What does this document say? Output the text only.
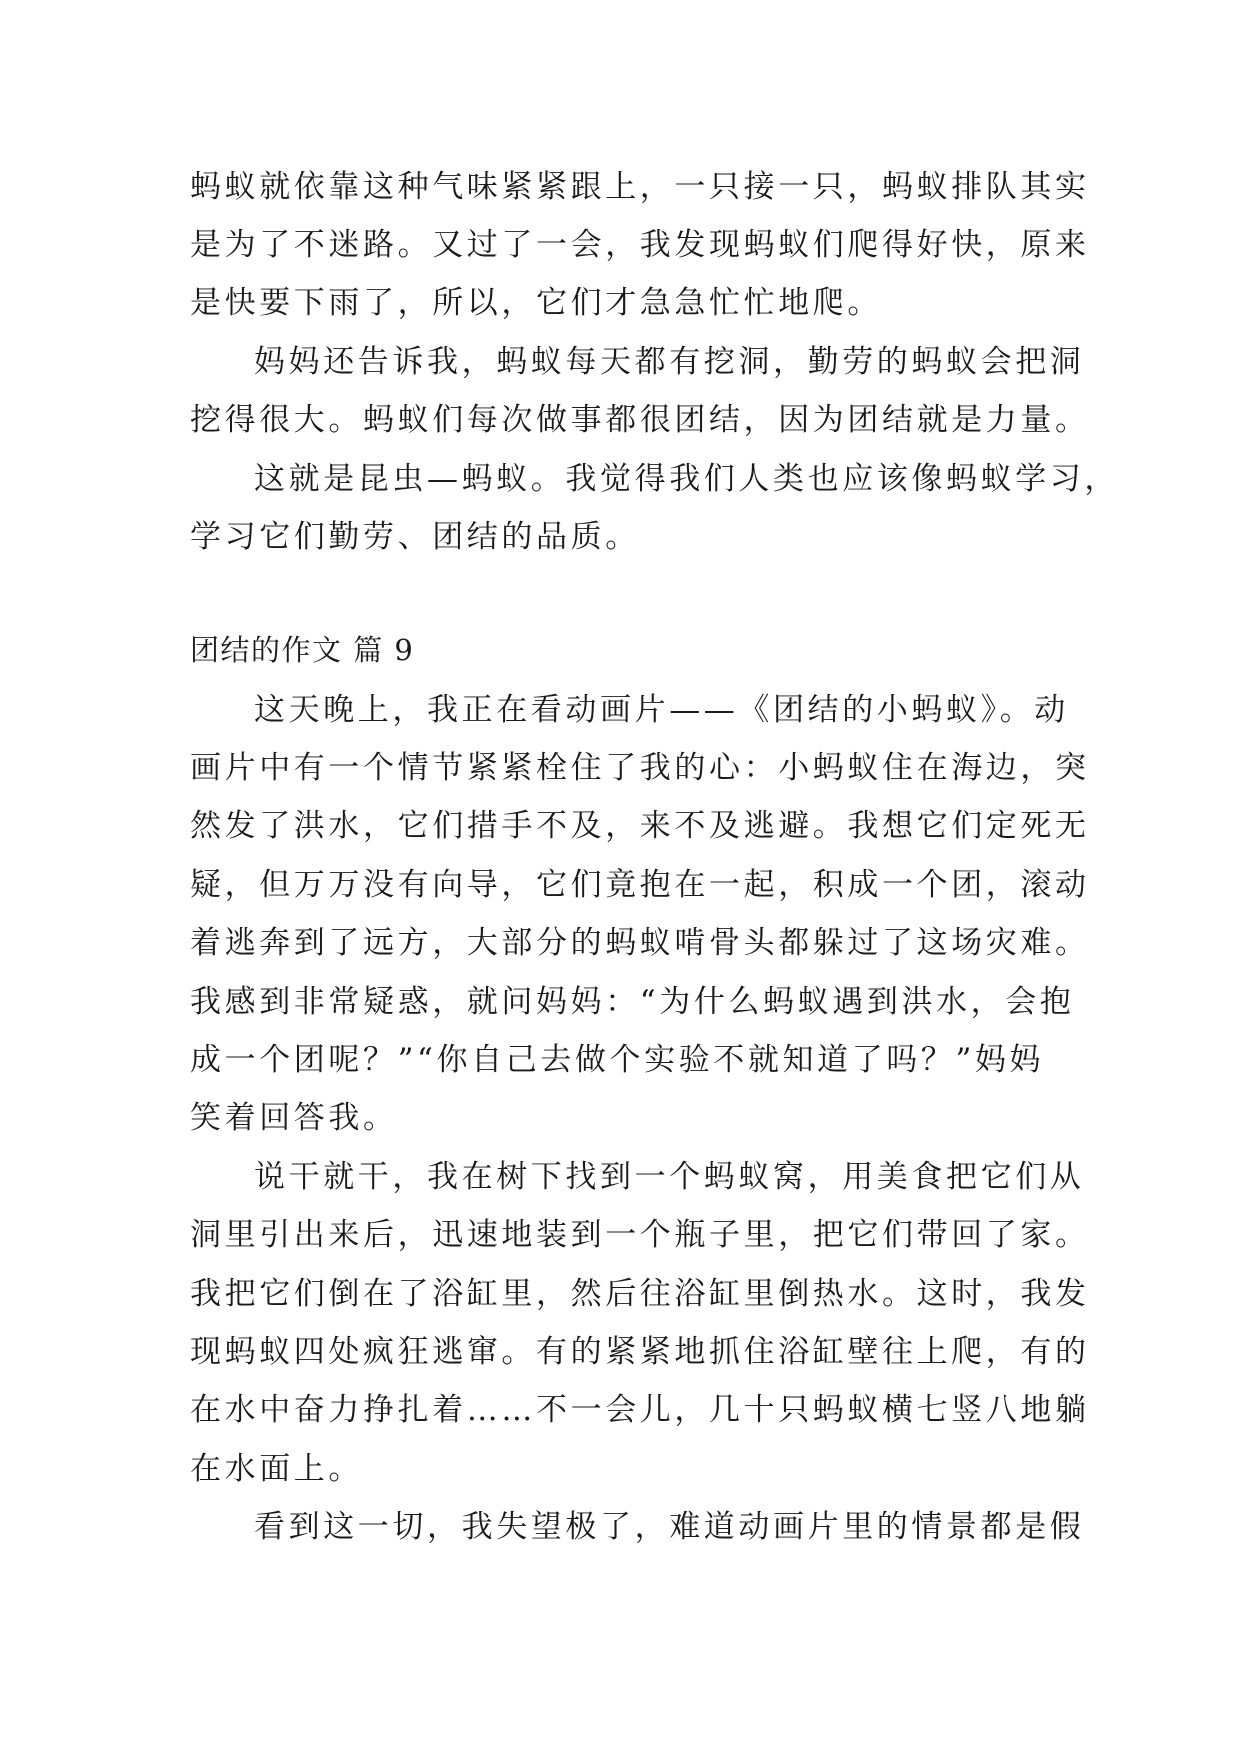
蚂蚁就依靠这种气味紧紧跟上，一只接一只，蚂蚁排队其实
是为了不迷路。又过了一会，我发现蚂蚁们爬得好快，原来
是快要下雨了，所以，它们才急急忙忙地爬。
妈妈还告诉我，蚂蚁每天都有挖洞，勤劳的蚂蚁会把洞
挖得很大。蚂蚁们每次做事都很团结，因为团结就是力量。
这就是昆虫—蚂蚁。我觉得我们人类也应该像蚂蚁学习，
学习它们勤劳、团结的品质。
团结的作文 篇 9
这天晚上，我正在看动画片——《团结的小蚂蚁》。动
画片中有一个情节紧紧栓住了我的心：小蚂蚁住在海边，突
然发了洪水，它们措手不及，来不及逃避。我想它们定死无
疑，但万万没有向导，它们竟抱在一起，积成一个团，滚动
着逃奔到了远方，大部分的蚂蚁啃骨头都躲过了这场灾难。
我感到非常疑惑，就问妈妈：“为什么蚂蚁遇到洪水，会抱
成一个团呢？”“你自己去做个实验不就知道了吗？”妈妈
笑着回答我。
说干就干，我在树下找到一个蚂蚁窝，用美食把它们从
洞里引出来后，迅速地装到一个瓶子里，把它们带回了家。
我把它们倒在了浴缸里，然后往浴缸里倒热水。这时，我发
现蚂蚁四处疯狂逃窜。有的紧紧地抓住浴缸壁往上爬，有的
在水中奋力挣扎着……不一会儿，几十只蚂蚁横七竖八地躺
在水面上。
看到这一切，我失望极了，难道动画片里的情景都是假
